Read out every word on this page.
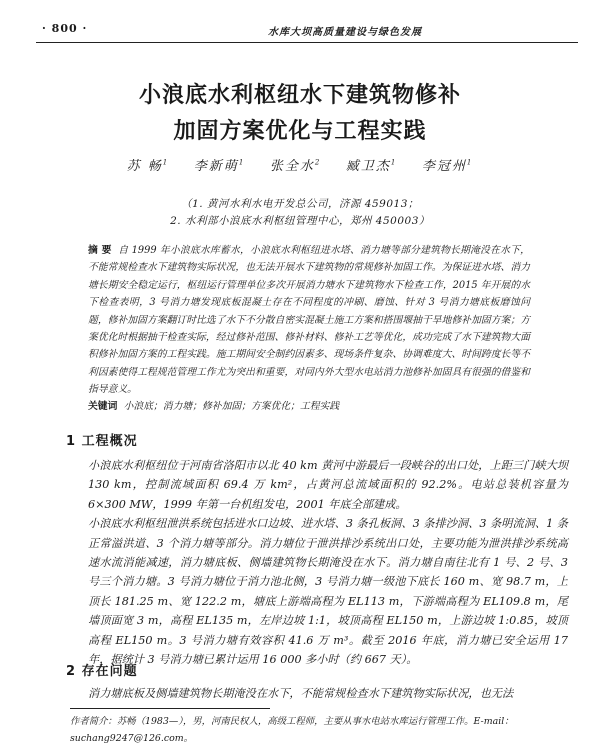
· 800 ·	水库大坝高质量建设与绿色发展
小浪底水利枢纽水下建筑物修补
加固方案优化与工程实践
苏 畅$^1$ 李新萌$^1$ 张全水$^2$ 臧卫杰$^1$ 李冠州$^1$
（1. 黄河水利水电开发总公司，济源 459013；
2. 水利部小浪底水利枢纽管理中心，郑州 450003）
摘 要 自 1999 年小浪底水库蓄水，小浪底水利枢纽进水塔、消力塘等部分建筑物长期淹没在水下，不能常规检查水下建筑物实际状况，也无法开展水下建筑物的常规修补加固工作。为保证进水塔、消力塘长期安全稳定运行，枢纽运行管理单位多次开展消力塘水下建筑物水下检查工作，2015 年开展的水下检查表明，3 号消力塘发现底板混凝土存在不同程度的冲刷、磨蚀、针对 3 号消力塘底板磨蚀问题，修补加固方案翻订时比选了水下不分散自密实混凝土施工方案和搭围堰抽干旱地修补加固方案；方案优化时根据抽干检查实际，经过修补范围、修补材料、修补工艺等优化，成功完成了水下建筑物大面积修补加固方案的工程实践。施工期间安全制约因素多、现场条件复杂、协调难度大、时间跨度长等不利因素使得工程规范管理工作尤为突出和重要，对同内外大型水电站消力池修补加固具有很强的借鉴和指导意义。
关键词 小浪底；消力塘；修补加固；方案优化；工程实践
1 工程概况

小浪底水利枢纽位于河南省洛阳市以北 40 km 黄河中游最后一段峡谷的出口处，上距三门峡大坝 130 km，控制流域面积 69.4 万 km²，占黄河总流域面积的 92.2%。电站总装机容量为 6×300 MW，1999 年第一台机组发电，2001 年底全部建成。

小浪底水利枢纽泄洪系统包括进水口边坡、进水塔、3 条孔板洞、3 条排沙洞、3 条明流洞、1 条正常溢洪道、3 个消力塘等部分。消力塘位于泄洪排沙系统出口处，主要功能为泄洪排沙系统高速水流消能减速，消力塘底板、侧墙建筑物长期淹没在水下。消力塘自南往北有 1 号、2 号、3 号三个消力塘。3 号消力塘位于消力池北侧，3 号消力塘一级池下底长 160 m、宽 98.7 m，上顶长 181.25 m、宽 122.2 m，塘底上游端高程为 EL113 m，下游端高程为 EL109.8 m，尾墙顶面宽 3 m，高程 EL135 m，左岸边坡 1:1，坡顶高程 EL150 m，上游边坡 1:0.85，坡顶高程 EL150 m。3 号消力塘有效容积 41.6 万 m³。截至 2016 年底，消力塘已安全运用 17 年，据统计 3 号消力塘已累计运用 16 000 多小时（约 667 天）。

2 存在问题

消力塘底板及侧墙建筑物长期淹没在水下，不能常规检查水下建筑物实际状况，也无法

作者简介：苏畅（1983—），男，河南民权人，高级工程师，主要从事水电站水库运行管理工作。E-mail：suchang9247@126.com。
